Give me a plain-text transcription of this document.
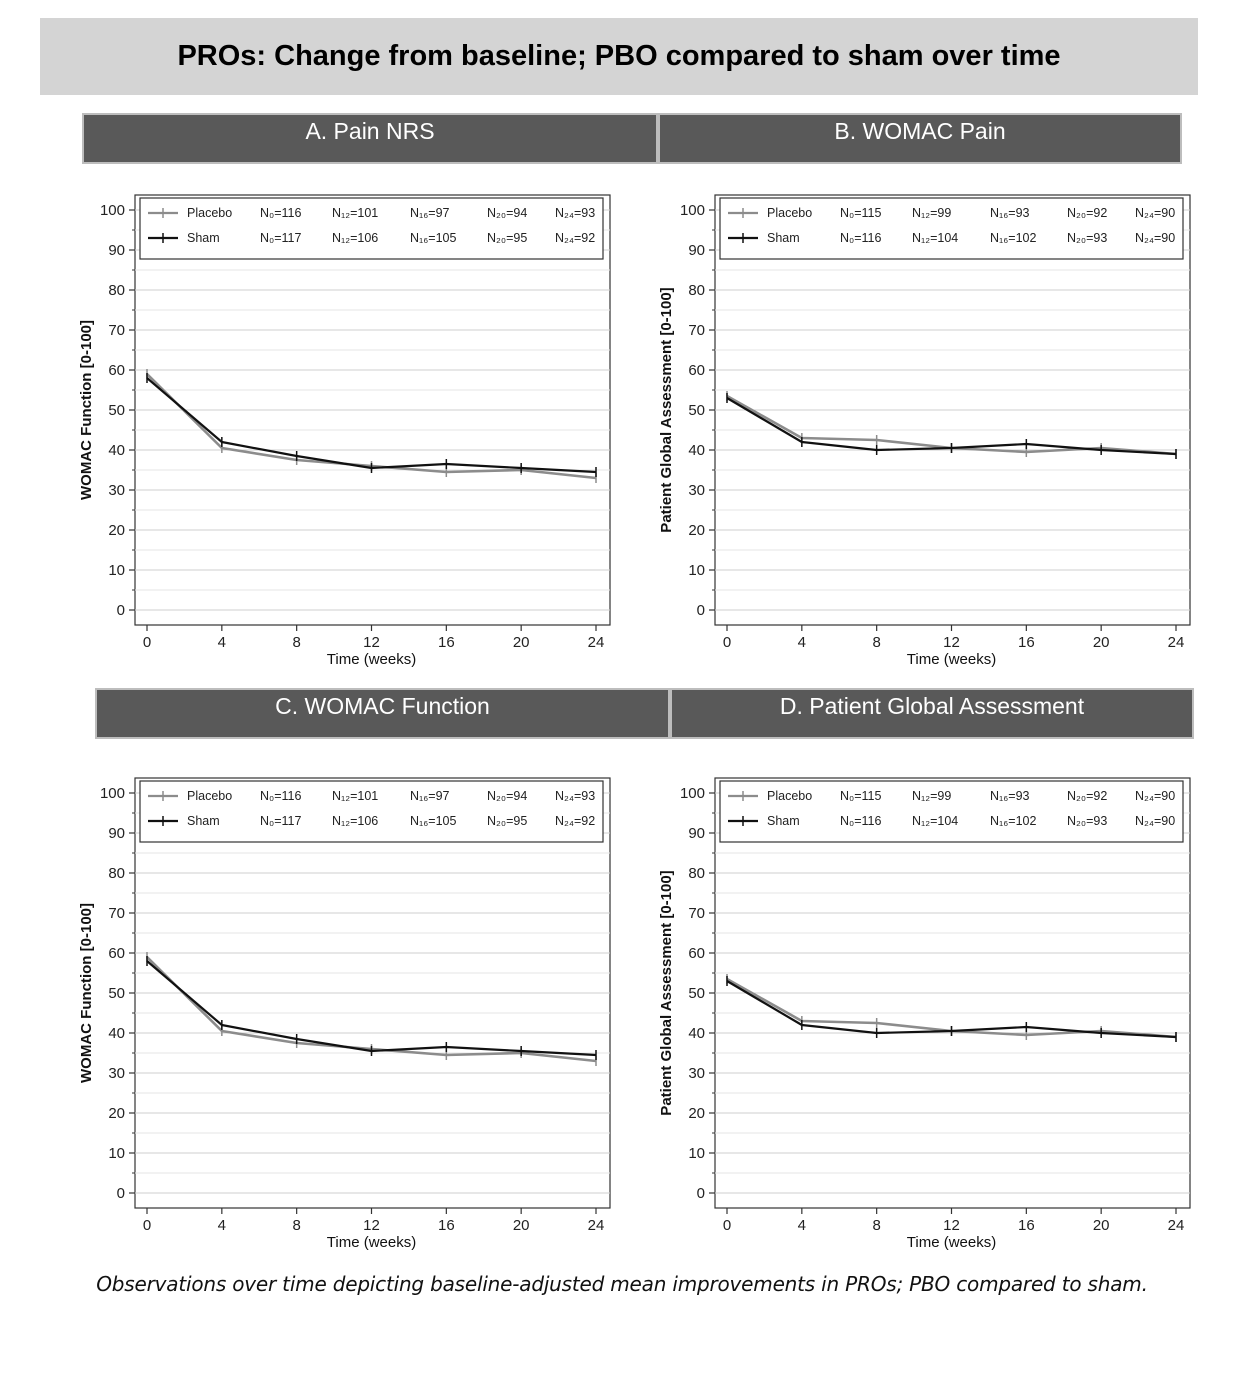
PROs: Change from baseline; PBO compared to sham over time
A. Pain NRS	B. WOMAC Pain
C. WOMAC Function	D. Patient Global Assessment
0
10
20
30
40
50
60
70
80
90
100
0	4	8	12	16	20	24
Time (weeks)
WOMAC Function [0-100]
Placebo N₀=116 N₁₂=101	N₁₆=97	N₂₀=94 N₂₄=93
Sham	N₀=117 N₁₂=106	N₁₆=105 N₂₀=95 N₂₄=92
0
10
20
30
40
50
60
70
80
90
100
0	4	8	12	16	20	24
Time (weeks)
Patient Global Assessment [0-100]
Placebo N₀=115 N₁₂=99	N₁₆=93	N₂₀=92 N₂₄=90
Sham	N₀=116 N₁₂=104	N₁₆=102 N₂₀=93 N₂₄=90
0
10
20
30
40
50
60
70
80
90
100
0	4	8	12	16	20	24
Time (weeks)
WOMAC Function [0-100]
Placebo N₀=116 N₁₂=101	N₁₆=97	N₂₀=94 N₂₄=93
Sham	N₀=117 N₁₂=106	N₁₆=105 N₂₀=95 N₂₄=92
0
10
20
30
40
50
60
70
80
90
100
0	4	8	12	16	20	24
Time (weeks)
Patient Global Assessment [0-100]
Placebo N₀=115 N₁₂=99	N₁₆=93	N₂₀=92 N₂₄=90
Sham	N₀=116 N₁₂=104	N₁₆=102 N₂₀=93 N₂₄=90
Observations over time depicting baseline-adjusted mean improvements in PROs; PBO compared to sham.
